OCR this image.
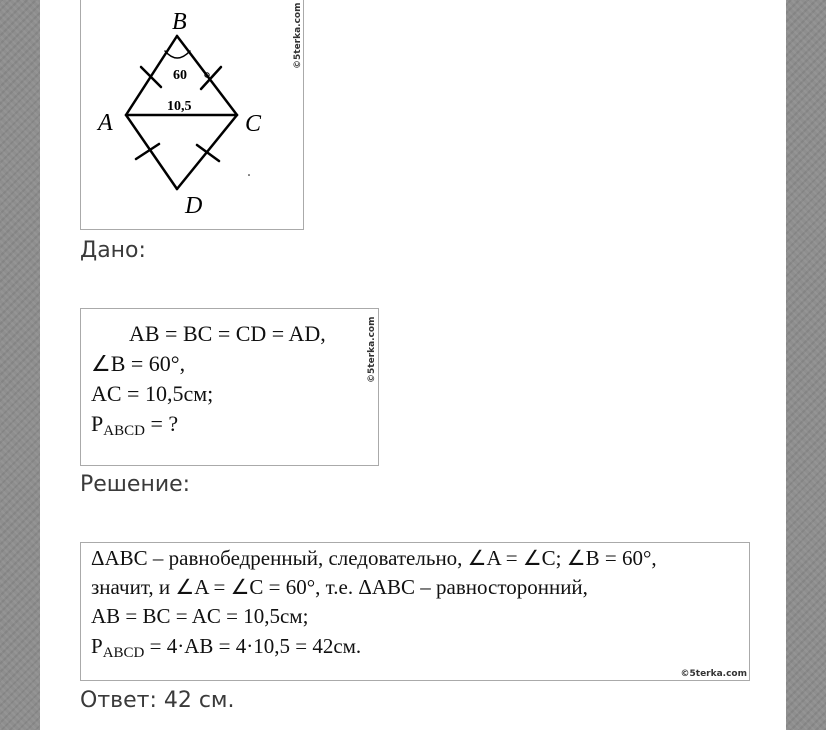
B
A	C
D
60
10,5
©5terka.com
Дано:
AB = BC = CD = AD,
∠B = 60°,
AC = 10,5см;
$P_{ABCD}$ = ?
©5terka.com
Решение:
ΔABC – равнобедренный, следовательно, ∠A = ∠C; ∠B = 60°,
значит, и ∠A = ∠C = 60°, т.е. ΔABC – равносторонний,
AB = BC = AC = 10,5см;
$P_{ABCD} = 4\cdot AB = 4\cdot 10,5 = 42см$.
©5terka.com
Ответ: 42 см.
